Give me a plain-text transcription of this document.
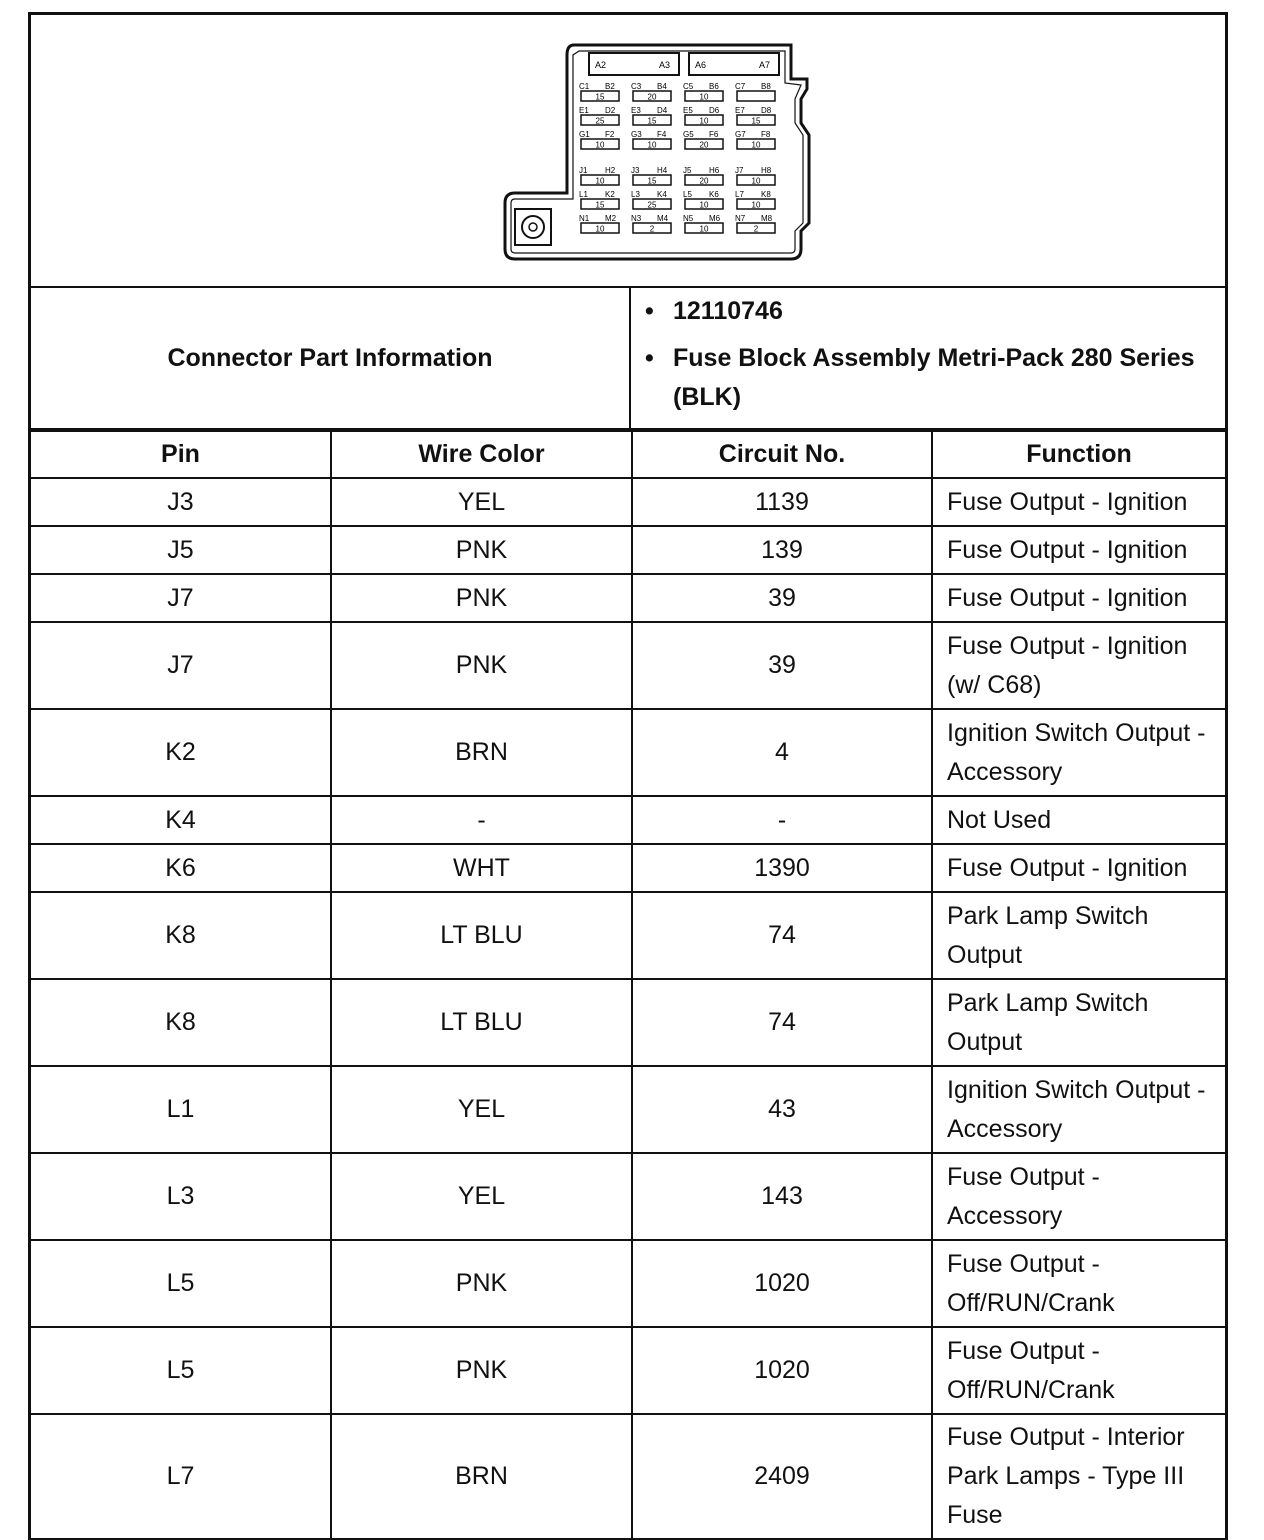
A2	A3	A6	A7
C1 B2
15
C3 B4
20
C5 B6
10
C7 B8
E1 D2
25
E3 D4
15
E5 D6
10
E7 D8
15
G1 F2
10
G3 F4
10
G5 F6
20
G7 F8
10
J1 H2
10
J3 H4
15
J5 H6
20
J7 H8
10
L1 K2
15
L3 K4
25
L5 K6
10
L7 K8
10
N1 M2
10
N3 M4
2
N5 M6
10
N7 M8
2
Connector Part Information
• 12110746
• Fuse Block Assembly Metri-Pack 280 Series (BLK)
Pin	Wire Color	Circuit No.	Function
J3	YEL	1139	Fuse Output - Ignition
J5	PNK	139	Fuse Output - Ignition
J7	PNK	39	Fuse Output - Ignition
J7	PNK	39	Fuse Output - Ignition (w/ C68)
K2	BRN	4	Ignition Switch Output - Accessory
K4	-	-	Not Used
K6	WHT	1390	Fuse Output - Ignition
K8	LT BLU	74	Park Lamp Switch Output
K8	LT BLU	74	Park Lamp Switch Output
L1	YEL	43	Ignition Switch Output - Accessory
L3	YEL	143	Fuse Output - Accessory
L5	PNK	1020	Fuse Output - Off/RUN/Crank
L5	PNK	1020	Fuse Output - Off/RUN/Crank
L7	BRN	2409	Fuse Output - Interior Park Lamps - Type III Fuse
